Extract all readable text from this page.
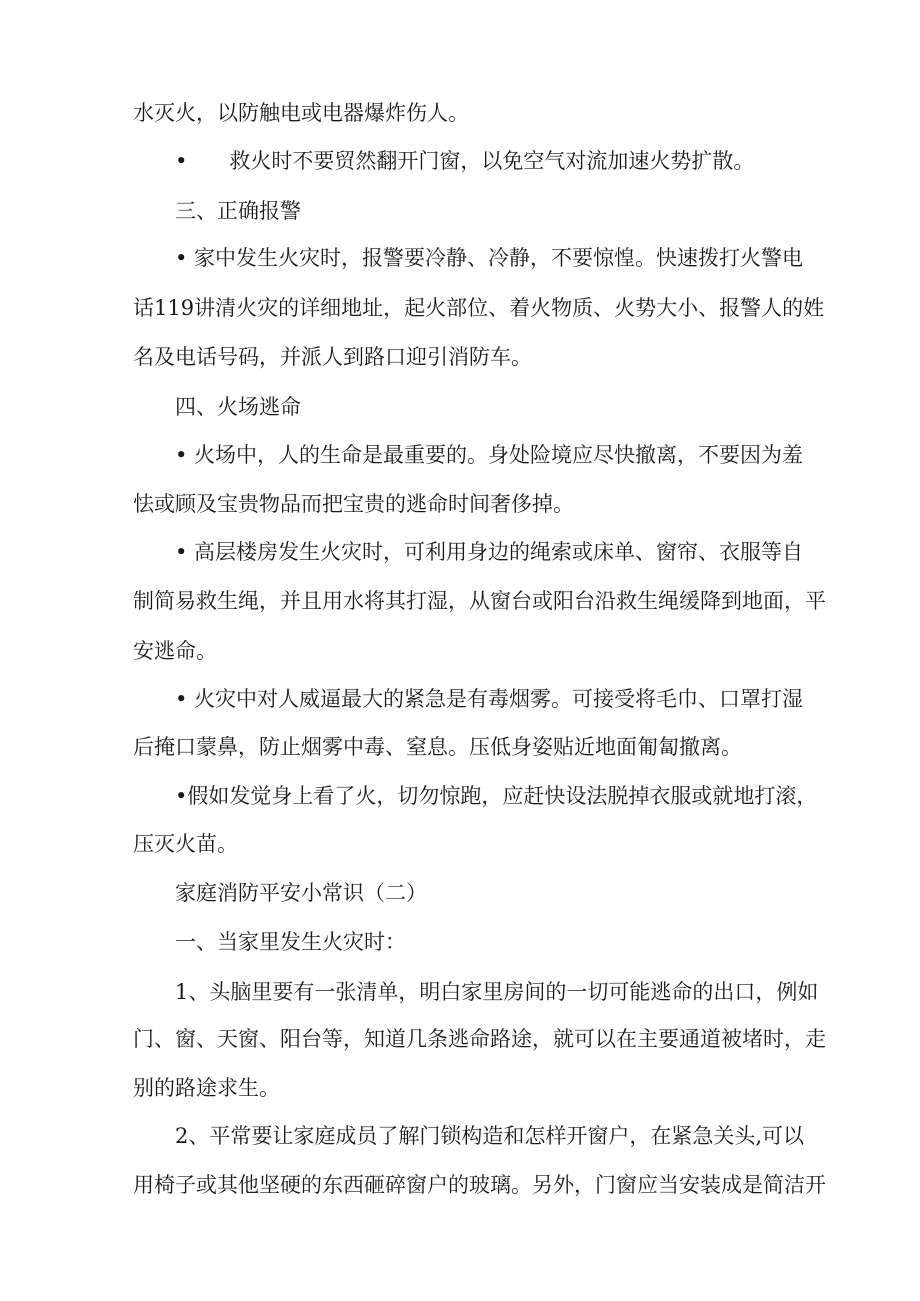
水灭火，以防触电或电器爆炸伤人。
•　　救火时不要贸然翻开门窗，以免空气对流加速火势扩散。
三、正确报警
• 家中发生火灾时，报警要冷静、冷静，不要惊惶。快速拨打火警电
话119讲清火灾的详细地址，起火部位、着火物质、火势大小、报警人的姓
名及电话号码，并派人到路口迎引消防车。
四、火场逃命
• 火场中，人的生命是最重要的。身处险境应尽快撤离，不要因为羞
怯或顾及宝贵物品而把宝贵的逃命时间奢侈掉。
• 高层楼房发生火灾时，可利用身边的绳索或床单、窗帘、衣服等自
制简易救生绳，并且用水将其打湿，从窗台或阳台沿救生绳缓降到地面，平
安逃命。
• 火灾中对人威逼最大的紧急是有毒烟雾。可接受将毛巾、口罩打湿
后掩口蒙鼻，防止烟雾中毒、窒息。压低身姿贴近地面匍匐撤离。
•假如发觉身上看了火，切勿惊跑，应赶快设法脱掉衣服或就地打滚，
压灭火苗。
家庭消防平安小常识（二）
一、当家里发生火灾时：
1、头脑里要有一张清单，明白家里房间的一切可能逃命的出口，例如
门、窗、天窗、阳台等，知道几条逃命路途，就可以在主要通道被堵时，走
别的路途求生。
2、平常要让家庭成员了解门锁构造和怎样开窗户，在紧急关头,可以
用椅子或其他坚硬的东西砸碎窗户的玻璃。另外，门窗应当安装成是简洁开
